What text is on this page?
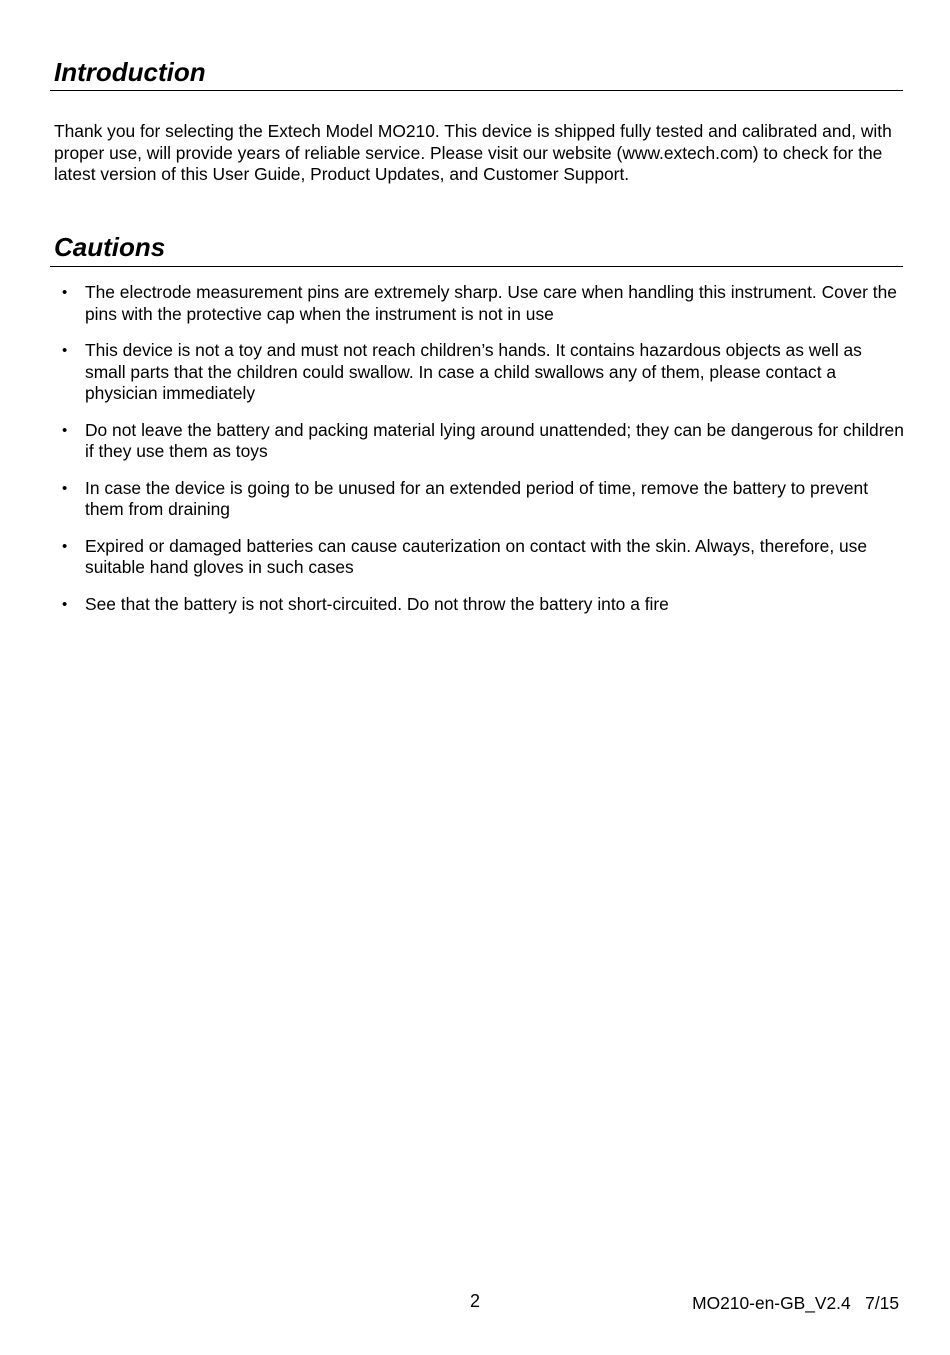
Introduction

Thank you for selecting the Extech Model MO210. This device is shipped fully tested and calibrated and, with proper use, will provide years of reliable service. Please visit our website (www.extech.com) to check for the latest version of this User Guide, Product Updates, and Customer Support.

Cautions
• The electrode measurement pins are extremely sharp. Use care when handling this instrument. Cover the pins with the protective cap when the instrument is not in use
• This device is not a toy and must not reach children’s hands. It contains hazardous objects as well as small parts that the children could swallow. In case a child swallows any of them, please contact a physician immediately
• Do not leave the battery and packing material lying around unattended; they can be dangerous for children if they use them as toys
• In case the device is going to be unused for an extended period of time, remove the battery to prevent them from draining
• Expired or damaged batteries can cause cauterization on contact with the skin. Always, therefore, use suitable hand gloves in such cases
• See that the battery is not short-circuited. Do not throw the battery into a fire
2	MO210-en-GB_V2.4   7/15
